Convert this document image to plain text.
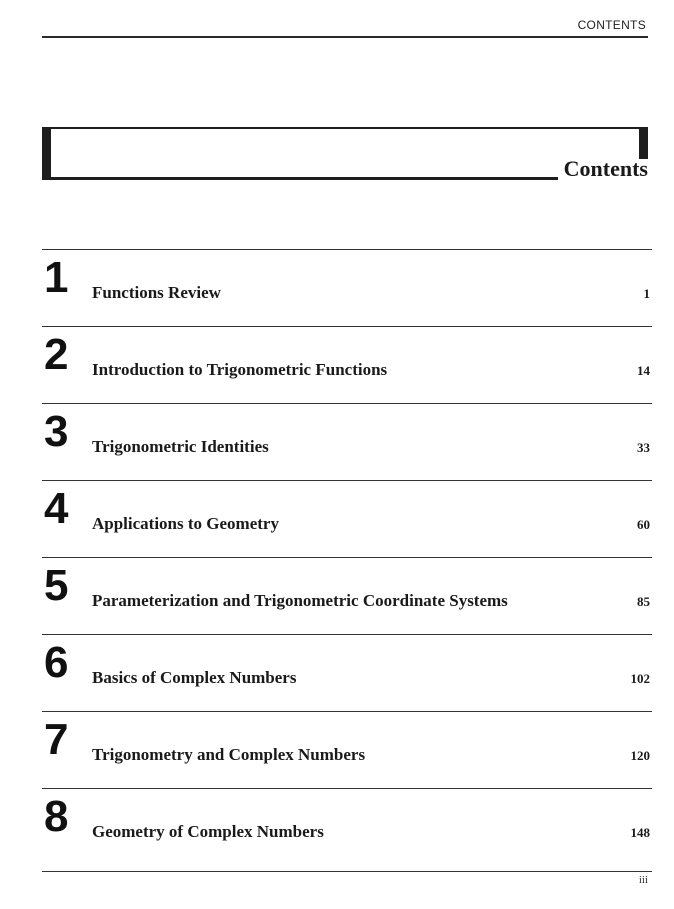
CONTENTS
Contents
1 Functions Review	1
2 Introduction to Trigonometric Functions	14
3 Trigonometric Identities	33
4 Applications to Geometry	60
5 Parameterization and Trigonometric Coordinate Systems	85
6 Basics of Complex Numbers	102
7 Trigonometry and Complex Numbers	120
8 Geometry of Complex Numbers	148
iii
